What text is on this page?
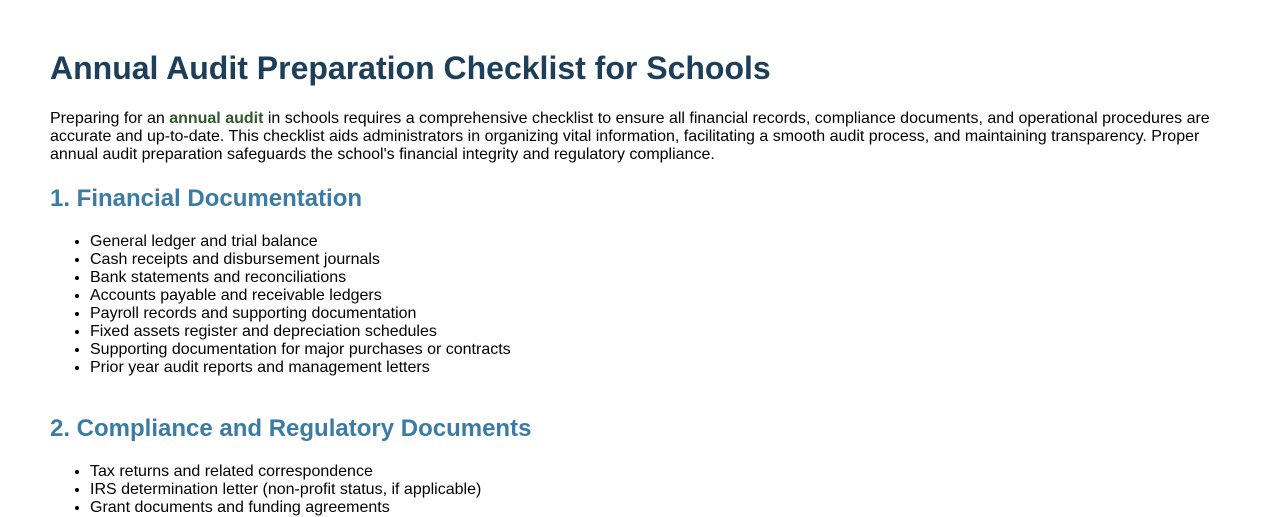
Annual Audit Preparation Checklist for Schools

Preparing for an annual audit in schools requires a comprehensive checklist to ensure all financial records, compliance documents, and operational procedures are accurate and up-to-date. This checklist aids administrators in organizing vital information, facilitating a smooth audit process, and maintaining transparency. Proper annual audit preparation safeguards the school's financial integrity and regulatory compliance.

1. Financial Documentation
• General ledger and trial balance
• Cash receipts and disbursement journals
• Bank statements and reconciliations
• Accounts payable and receivable ledgers
• Payroll records and supporting documentation
• Fixed assets register and depreciation schedules
• Supporting documentation for major purchases or contracts
• Prior year audit reports and management letters
2. Compliance and Regulatory Documents
• Tax returns and related correspondence
• IRS determination letter (non-profit status, if applicable)
• Grant documents and funding agreements
